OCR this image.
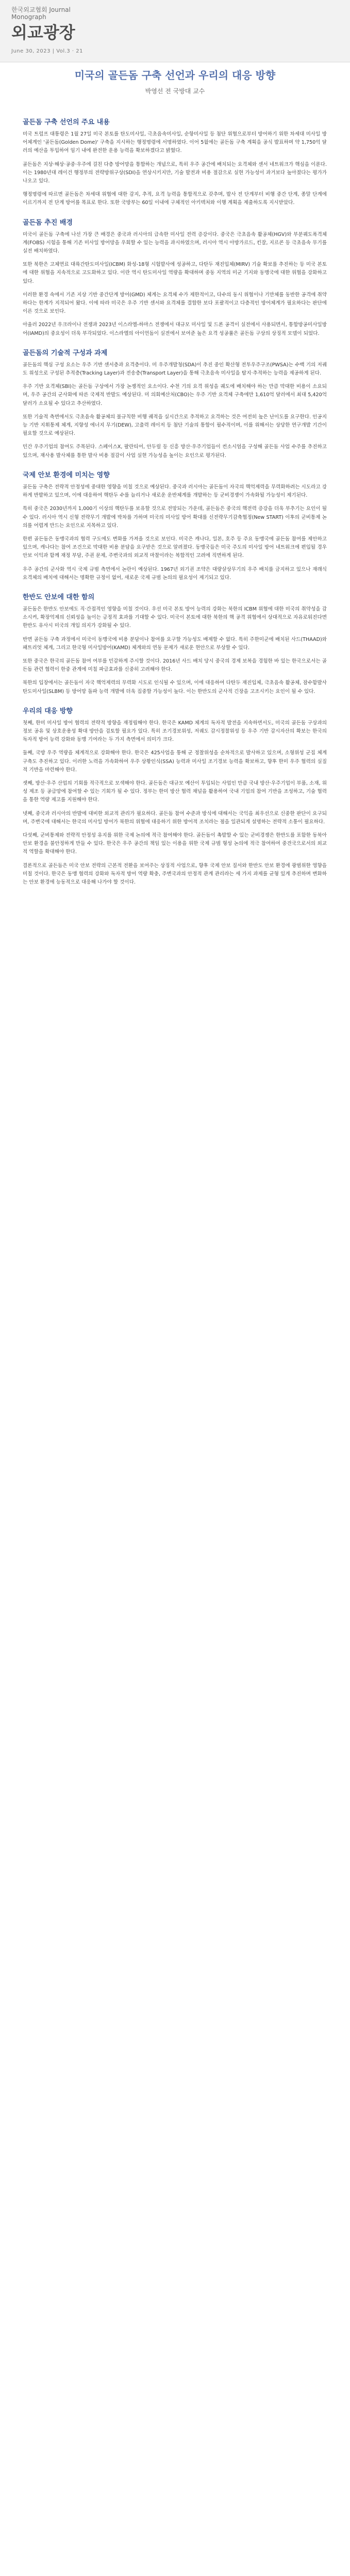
한국외교협회 Journal
Monograph
외교광장
June 30, 2023 | Vol.3 · 21
미국의 골든돔 구축 선언과 우리의 대응 방향
박영선 전 국방대 교수
골든돔 구축 선언의 주요 내용

미국 트럼프 대통령은 1월 27일 미국 본토를 탄도미사일, 극초음속미사일, 순항미사일 등 첨단 위협으로부터 방어하기 위한 차세대 미사일 방어체계인 '골든돔(Golden Dome)' 구축을 지시하는 행정명령에 서명하였다. 이어 5월에는 골든돔 구축 계획을 공식 발표하며 약 1,750억 달러의 예산을 투입하여 임기 내에 완전한 운용 능력을 확보하겠다고 밝혔다.

골든돔은 지상·해상·공중·우주에 걸친 다층 방어망을 통합하는 개념으로, 특히 우주 공간에 배치되는 요격체와 센서 네트워크가 핵심을 이룬다. 이는 1980년대 레이건 행정부의 전략방위구상(SDI)을 연상시키지만, 기술 발전과 비용 절감으로 실현 가능성이 과거보다 높아졌다는 평가가 나오고 있다.

행정명령에 따르면 골든돔은 차세대 위협에 대한 감지, 추적, 요격 능력을 통합적으로 갖추며, 발사 전 단계부터 비행 중간 단계, 종말 단계에 이르기까지 전 단계 방어를 목표로 한다. 또한 국방부는 60일 이내에 구체적인 아키텍처와 이행 계획을 제출하도록 지시받았다.

골든돔 추진 배경

미국이 골든돔 구축에 나선 가장 큰 배경은 중국과 러시아의 급속한 미사일 전력 증강이다. 중국은 극초음속 활공체(HGV)와 부분궤도폭격체계(FOBS) 시험을 통해 기존 미사일 방어망을 우회할 수 있는 능력을 과시하였으며, 러시아 역시 아방가르드, 킨잘, 지르콘 등 극초음속 무기를 실전 배치하였다.

또한 북한은 고체연료 대륙간탄도미사일(ICBM) 화성-18형 시험발사에 성공하고, 다탄두 재진입체(MIRV) 기술 확보를 추진하는 등 미국 본토에 대한 위협을 지속적으로 고도화하고 있다. 이란 역시 탄도미사일 역량을 확대하며 중동 지역의 미군 기지와 동맹국에 대한 위협을 강화하고 있다.

이러한 환경 속에서 기존 지상 기반 중간단계 방어(GMD) 체계는 요격체 수가 제한적이고, 다수의 동시 위협이나 기만체를 동반한 공격에 취약하다는 한계가 지적되어 왔다. 이에 따라 미국은 우주 기반 센서와 요격체를 결합한 보다 포괄적이고 다층적인 방어체계가 필요하다는 판단에 이른 것으로 보인다.

아울러 2022년 우크라이나 전쟁과 2023년 이스라엘-하마스 전쟁에서 대규모 미사일 및 드론 공격이 실전에서 사용되면서, 통합방공미사일방어(IAMD)의 중요성이 더욱 부각되었다. 이스라엘의 아이언돔이 실전에서 보여준 높은 요격 성공률은 골든돔 구상의 상징적 모델이 되었다.

골든돔의 기술적 구성과 과제

골든돔의 핵심 구성 요소는 우주 기반 센서층과 요격층이다. 미 우주개발청(SDA)이 추진 중인 확산형 전투우주구조(PWSA)는 수백 기의 저궤도 위성으로 구성된 추적층(Tracking Layer)과 전송층(Transport Layer)을 통해 극초음속 미사일을 탐지·추적하는 능력을 제공하게 된다.

우주 기반 요격체(SBI)는 골든돔 구상에서 가장 논쟁적인 요소이다. 수천 기의 요격 위성을 궤도에 배치해야 하는 만큼 막대한 비용이 소요되며, 우주 공간의 군사화에 따른 국제적 반발도 예상된다. 미 의회예산처(CBO)는 우주 기반 요격체 구축에만 1,610억 달러에서 최대 5,420억 달러가 소요될 수 있다고 추산하였다.

또한 기술적 측면에서도 극초음속 활공체의 불규칙한 비행 궤적을 실시간으로 추적하고 요격하는 것은 여전히 높은 난이도를 요구한다. 인공지능 기반 지휘통제 체계, 지향성 에너지 무기(DEW), 고출력 레이저 등 첨단 기술의 통합이 필수적이며, 이를 위해서는 상당한 연구개발 기간이 필요할 것으로 예상된다.

민간 우주기업의 참여도 주목된다. 스페이스X, 팔란티어, 안두릴 등 신흥 방산·우주기업들이 컨소시엄을 구성해 골든돔 사업 수주를 추진하고 있으며, 재사용 발사체를 통한 발사 비용 절감이 사업 실현 가능성을 높이는 요인으로 평가된다.

국제 안보 환경에 미치는 영향

골든돔 구축은 전략적 안정성에 중대한 영향을 미칠 것으로 예상된다. 중국과 러시아는 골든돔이 자국의 핵억제력을 무력화하려는 시도라고 강하게 반발하고 있으며, 이에 대응하여 핵탄두 수를 늘리거나 새로운 운반체계를 개발하는 등 군비경쟁이 가속화될 가능성이 제기된다.

특히 중국은 2030년까지 1,000기 이상의 핵탄두를 보유할 것으로 전망되는 가운데, 골든돔은 중국의 핵전력 증강을 더욱 부추기는 요인이 될 수 있다. 러시아 역시 신형 전략무기 개발에 박차를 가하며 미국의 미사일 방어 확대를 신전략무기감축협정(New START) 이후의 군비통제 논의를 어렵게 만드는 요인으로 지목하고 있다.

한편 골든돔은 동맹국과의 협력 구도에도 변화를 가져올 것으로 보인다. 미국은 캐나다, 일본, 호주 등 주요 동맹국에 골든돔 참여를 제안하고 있으며, 캐나다는 참여 조건으로 막대한 비용 분담을 요구받은 것으로 알려졌다. 동맹국들은 미국 주도의 미사일 방어 네트워크에 편입될 경우 안보 이익과 함께 재정 부담, 주권 문제, 주변국과의 외교적 마찰이라는 복합적인 고려에 직면하게 된다.

우주 공간의 군사화 역시 국제 규범 측면에서 논란이 예상된다. 1967년 외기권 조약은 대량살상무기의 우주 배치를 금지하고 있으나 재래식 요격체의 배치에 대해서는 명확한 규정이 없어, 새로운 국제 규범 논의의 필요성이 제기되고 있다.

한반도 안보에 대한 함의

골든돔은 한반도 안보에도 직·간접적인 영향을 미칠 것이다. 우선 미국 본토 방어 능력의 강화는 북한의 ICBM 위협에 대한 미국의 취약성을 감소시켜, 확장억제의 신뢰성을 높이는 긍정적 효과를 기대할 수 있다. 미국이 본토에 대한 북한의 핵 공격 위협에서 상대적으로 자유로워진다면 한반도 유사시 미국의 개입 의지가 강화될 수 있다.

반면 골든돔 구축 과정에서 미국이 동맹국에 비용 분담이나 참여를 요구할 가능성도 배제할 수 없다. 특히 주한미군에 배치된 사드(THAAD)와 패트리엇 체계, 그리고 한국형 미사일방어(KAMD) 체계와의 연동 문제가 새로운 현안으로 부상할 수 있다.

또한 중국은 한국의 골든돔 참여 여부를 민감하게 주시할 것이다. 2016년 사드 배치 당시 중국의 경제 보복을 경험한 바 있는 한국으로서는 골든돔 관련 협력이 한중 관계에 미칠 파급효과를 신중히 고려해야 한다.

북한의 입장에서는 골든돔이 자국 핵억제력의 무력화 시도로 인식될 수 있으며, 이에 대응하여 다탄두 재진입체, 극초음속 활공체, 잠수함발사탄도미사일(SLBM) 등 방어망 돌파 능력 개발에 더욱 집중할 가능성이 높다. 이는 한반도의 군사적 긴장을 고조시키는 요인이 될 수 있다.

우리의 대응 방향

첫째, 한미 미사일 방어 협력의 전략적 방향을 재정립해야 한다. 한국은 KAMD 체계의 독자적 발전을 지속하면서도, 미국의 골든돔 구상과의 정보 공유 및 상호운용성 확대 방안을 검토할 필요가 있다. 특히 조기경보위성, 저궤도 감시정찰위성 등 우주 기반 감시자산의 확보는 한국의 독자적 방어 능력 강화와 동맹 기여라는 두 가지 측면에서 의미가 크다.

둘째, 국방 우주 역량을 체계적으로 강화해야 한다. 한국은 425사업을 통해 군 정찰위성을 순차적으로 발사하고 있으며, 소형위성 군집 체계 구축도 추진하고 있다. 이러한 노력을 가속화하여 우주 상황인식(SSA) 능력과 미사일 조기경보 능력을 확보하고, 향후 한미 우주 협력의 실질적 기반을 마련해야 한다.

셋째, 방산·우주 산업의 기회를 적극적으로 모색해야 한다. 골든돔은 대규모 예산이 투입되는 사업인 만큼 국내 방산·우주기업이 부품, 소재, 위성 제조 등 공급망에 참여할 수 있는 기회가 될 수 있다. 정부는 한미 방산 협력 채널을 활용하여 국내 기업의 참여 기반을 조성하고, 기술 협력을 통한 역량 제고를 지원해야 한다.

넷째, 중국과 러시아의 반발에 대비한 외교적 관리가 필요하다. 골든돔 참여 수준과 방식에 대해서는 국익을 최우선으로 신중한 판단이 요구되며, 주변국에 대해서는 한국의 미사일 방어가 북한의 위협에 대응하기 위한 방어적 조치라는 점을 일관되게 설명하는 전략적 소통이 필요하다.

다섯째, 군비통제와 전략적 안정성 유지를 위한 국제 논의에 적극 참여해야 한다. 골든돔이 촉발할 수 있는 군비경쟁은 한반도를 포함한 동북아 안보 환경을 불안정하게 만들 수 있다. 한국은 우주 공간의 책임 있는 이용을 위한 국제 규범 형성 논의에 적극 참여하여 중견국으로서의 외교적 역할을 확대해야 한다.

결론적으로 골든돔은 미국 안보 전략의 근본적 전환을 보여주는 상징적 사업으로, 향후 국제 안보 질서와 한반도 안보 환경에 광범위한 영향을 미칠 것이다. 한국은 동맹 협력의 강화와 독자적 방어 역량 확충, 주변국과의 안정적 관계 관리라는 세 가지 과제를 균형 있게 추진하며 변화하는 안보 환경에 능동적으로 대응해 나가야 할 것이다.
